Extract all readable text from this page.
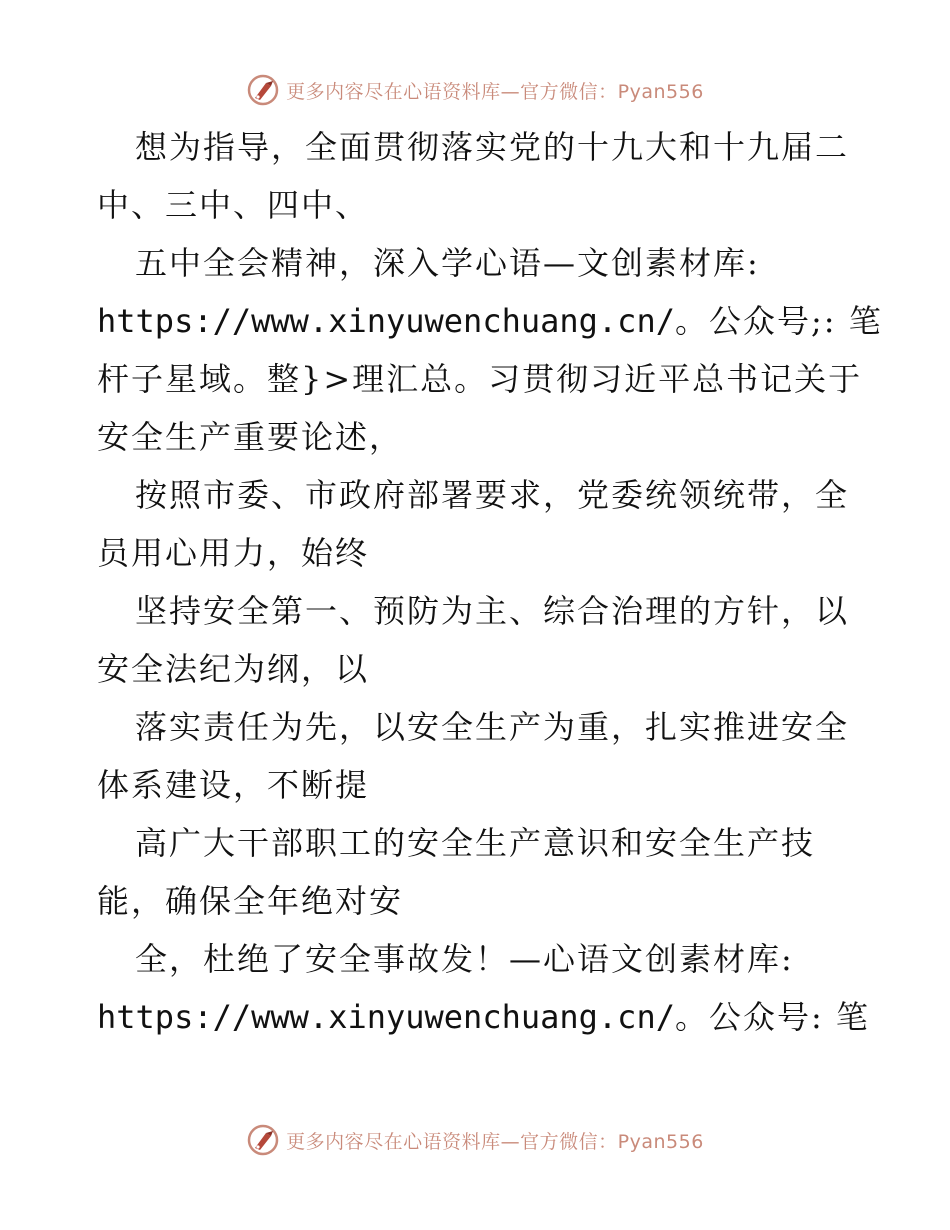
更多内容尽在心语资料库—官方微信：Pyan556
想为指导，全面贯彻落实党的十九大和十九届二
中、三中、四中、
五中全会精神，深入学心语—文创素材库:
https://www.xinyuwenchuang.cn/。公众号;: 笔
杆子星域。整}>理汇总。习贯彻习近平总书记关于
安全生产重要论述，
按照市委、市政府部署要求，党委统领统带，全
员用心用力，始终
坚持安全第一、预防为主、综合治理的方针，以
安全法纪为纲，以
落实责任为先，以安全生产为重，扎实推进安全
体系建设，不断提
高广大干部职工的安全生产意识和安全生产技
能，确保全年绝对安
全，杜绝了安全事故发！—心语文创素材库:
https://www.xinyuwenchuang.cn/。公众号: 笔
更多内容尽在心语资料库—官方微信：Pyan556
